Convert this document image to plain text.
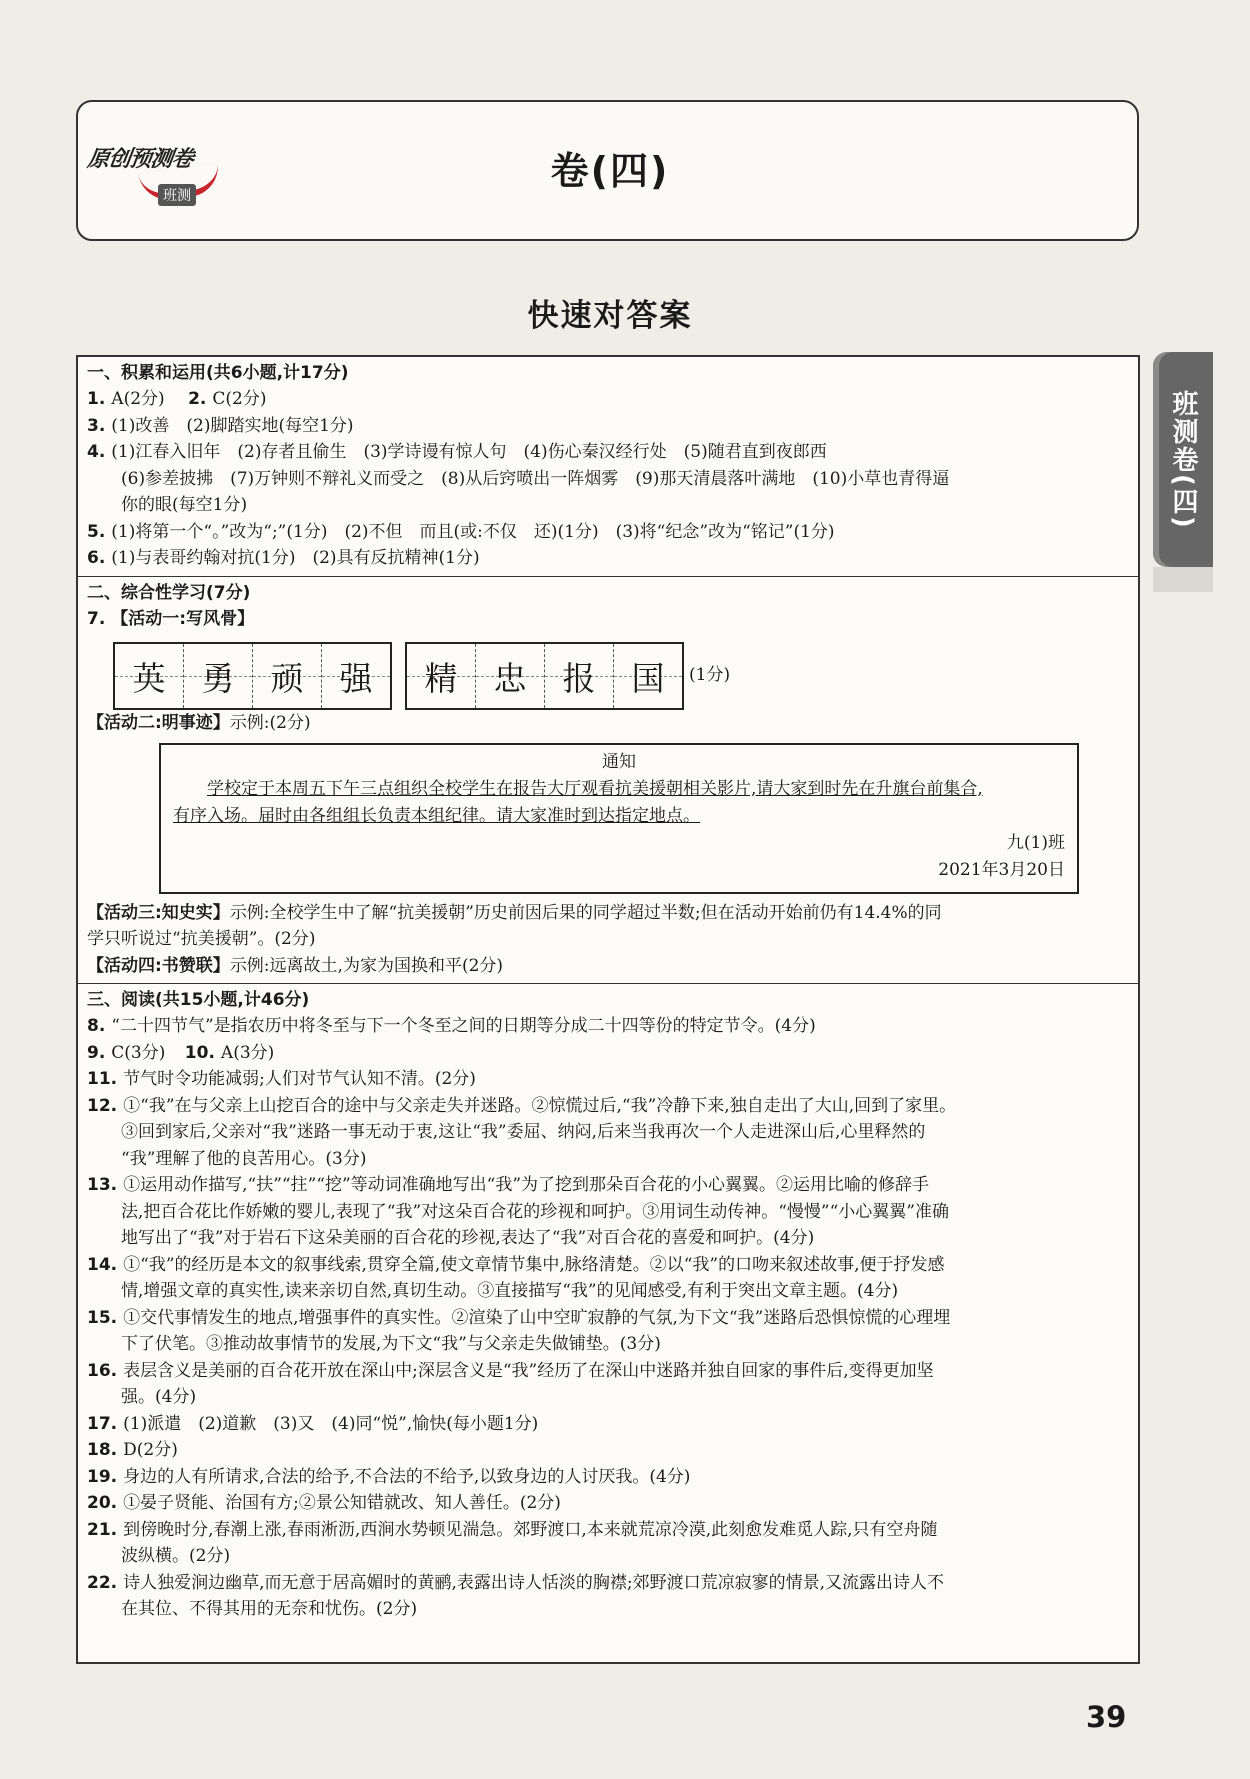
原创预测卷
班测
卷(四)
快速对答案
班测卷(四)
一、积累和运用(共6小题,计17分)
1. A(2分) 2. C(2分)
3. (1)改善　(2)脚踏实地(每空1分)
4. (1)江春入旧年　(2)存者且偷生　(3)学诗谩有惊人句　(4)伤心秦汉经行处　(5)随君直到夜郎西
(6)参差披拂　(7)万钟则不辩礼义而受之　(8)从后窍喷出一阵烟雾　(9)那天清晨落叶满地　(10)小草也青得逼
你的眼(每空1分)
5. (1)将第一个“。”改为“;”(1分)　(2)不但　而且(或:不仅　还)(1分)　(3)将“纪念”改为“铭记”(1分)
6. (1)与表哥约翰对抗(1分)　(2)具有反抗精神(1分)
二、综合性学习(7分)
7. 【活动一:写风骨】
英 勇 顽 强 精 忠 报 国 (1分)
【活动二:明事迹】示例:(2分)
通知
学校定于本周五下午三点组织全校学生在报告大厅观看抗美援朝相关影片,请大家到时先在升旗台前集合,
有序入场。届时由各组组长负责本组纪律。请大家准时到达指定地点。
九(1)班
2021年3月20日
【活动三:知史实】示例:全校学生中了解“抗美援朝”历史前因后果的同学超过半数;但在活动开始前仍有14.4%的同
学只听说过“抗美援朝”。(2分)
【活动四:书赞联】示例:远离故土,为家为国换和平(2分)
三、阅读(共15小题,计46分)
8. “二十四节气”是指农历中将冬至与下一个冬至之间的日期等分成二十四等份的特定节令。(4分)
9. C(3分) 10. A(3分)
11. 节气时令功能减弱;人们对节气认知不清。(2分)
12. ①“我”在与父亲上山挖百合的途中与父亲走失并迷路。②惊慌过后,“我”冷静下来,独自走出了大山,回到了家里。
③回到家后,父亲对“我”迷路一事无动于衷,这让“我”委屈、纳闷,后来当我再次一个人走进深山后,心里释然的
“我”理解了他的良苦用心。(3分)
13. ①运用动作描写,“扶”“拄”“挖”等动词准确地写出“我”为了挖到那朵百合花的小心翼翼。②运用比喻的修辞手
法,把百合花比作娇嫩的婴儿,表现了“我”对这朵百合花的珍视和呵护。③用词生动传神。“慢慢”“小心翼翼”准确
地写出了“我”对于岩石下这朵美丽的百合花的珍视,表达了“我”对百合花的喜爱和呵护。(4分)
14. ①“我”的经历是本文的叙事线索,贯穿全篇,使文章情节集中,脉络清楚。②以“我”的口吻来叙述故事,便于抒发感
情,增强文章的真实性,读来亲切自然,真切生动。③直接描写“我”的见闻感受,有利于突出文章主题。(4分)
15. ①交代事情发生的地点,增强事件的真实性。②渲染了山中空旷寂静的气氛,为下文“我”迷路后恐惧惊慌的心理埋
下了伏笔。③推动故事情节的发展,为下文“我”与父亲走失做铺垫。(3分)
16. 表层含义是美丽的百合花开放在深山中;深层含义是“我”经历了在深山中迷路并独自回家的事件后,变得更加坚
强。(4分)
17. (1)派遣　(2)道歉　(3)又　(4)同“悦”,愉快(每小题1分)
18. D(2分)
19. 身边的人有所请求,合法的给予,不合法的不给予,以致身边的人讨厌我。(4分)
20. ①晏子贤能、治国有方;②景公知错就改、知人善任。(2分)
21. 到傍晚时分,春潮上涨,春雨淅沥,西涧水势顿见湍急。郊野渡口,本来就荒凉冷漠,此刻愈发难觅人踪,只有空舟随
波纵横。(2分)
22. 诗人独爱涧边幽草,而无意于居高媚时的黄鹂,表露出诗人恬淡的胸襟;郊野渡口荒凉寂寥的情景,又流露出诗人不
在其位、不得其用的无奈和忧伤。(2分)
39
